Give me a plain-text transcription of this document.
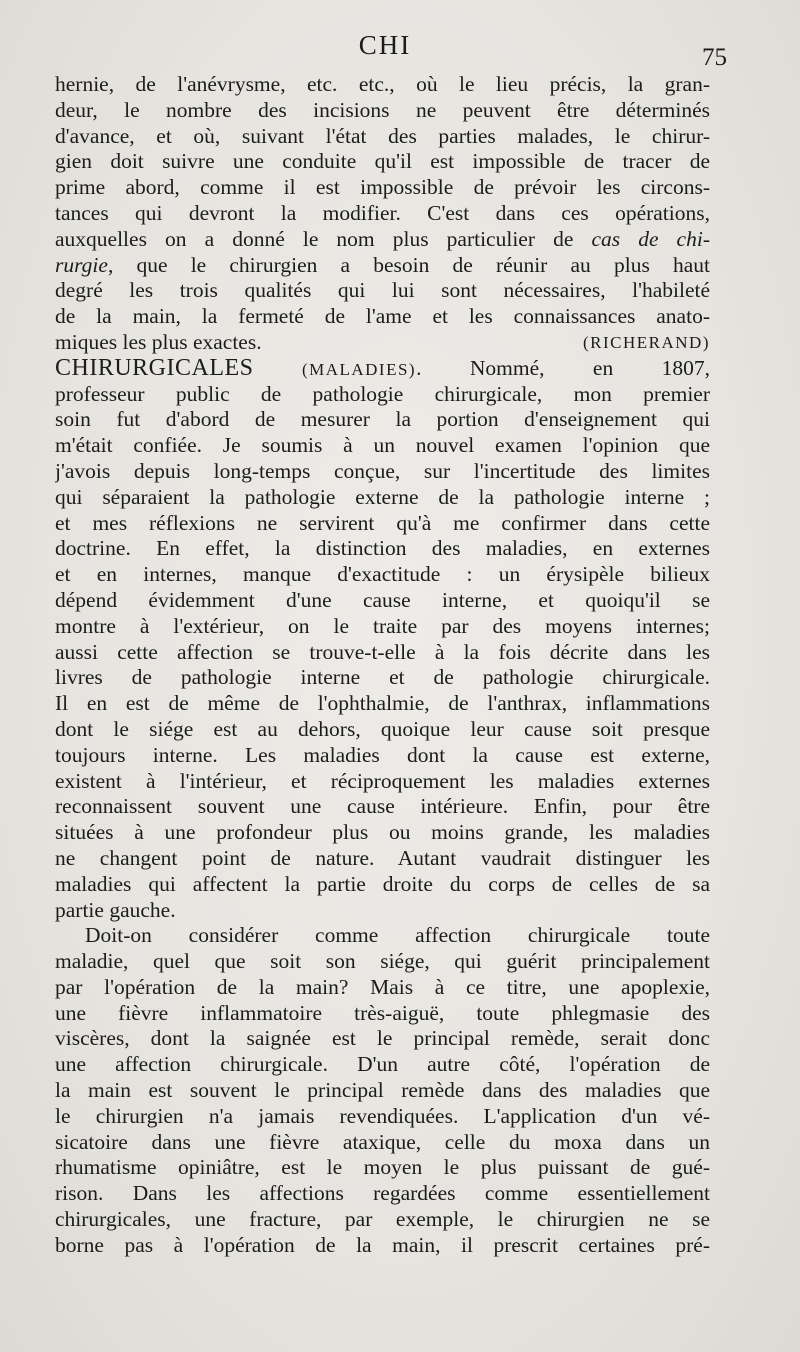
CHI	75
hernie, de l'anévrysme, etc. etc., où le lieu précis, la gran-
deur, le nombre des incisions ne peuvent être déterminés
d'avance, et où, suivant l'état des parties malades, le chirur-
gien doit suivre une conduite qu'il est impossible de tracer de
prime abord, comme il est impossible de prévoir les circons-
tances qui devront la modifier. C'est dans ces opérations,
auxquelles on a donné le nom plus particulier de cas de chi-
rurgie, que le chirurgien a besoin de réunir au plus haut
degré les trois qualités qui lui sont nécessaires, l'habileté
de la main, la fermeté de l'ame et les connaissances anato-
miques les plus exactes.	(RICHERAND)
CHIRURGICALES	(MALADIES). Nommé, en 1807,
professeur public de pathologie chirurgicale, mon premier
soin fut d'abord de mesurer la portion d'enseignement qui
m'était confiée. Je soumis à un nouvel examen l'opinion que
j'avois depuis long-temps conçue, sur l'incertitude des limites
qui séparaient la pathologie externe de la pathologie interne ;
et mes réflexions ne servirent qu'à me confirmer dans cette
doctrine. En effet, la distinction des maladies, en externes
et en internes, manque d'exactitude : un érysipèle bilieux
dépend évidemment d'une cause interne, et quoiqu'il se
montre à l'extérieur, on le traite par des moyens internes;
aussi cette affection se trouve-t-elle à la fois décrite dans les
livres de pathologie interne et de pathologie chirurgicale.
Il en est de même de l'ophthalmie, de l'anthrax, inflammations
dont le siége est au dehors, quoique leur cause soit presque
toujours interne. Les maladies dont la cause est externe,
existent à l'intérieur, et réciproquement les maladies externes
reconnaissent souvent une cause intérieure. Enfin, pour être
situées à une profondeur plus ou moins grande, les maladies
ne changent point de nature. Autant vaudrait distinguer les
maladies qui affectent la partie droite du corps de celles de sa
partie gauche.
Doit-on considérer comme affection chirurgicale toute
maladie, quel que soit son siége, qui guérit principalement
par l'opération de la main? Mais à ce titre, une apoplexie,
une fièvre inflammatoire très-aiguë, toute phlegmasie des
viscères, dont la saignée est le principal remède, serait donc
une affection chirurgicale. D'un autre côté, l'opération de
la main est souvent le principal remède dans des maladies que
le chirurgien n'a jamais revendiquées. L'application d'un vé-
sicatoire dans une fièvre ataxique, celle du moxa dans un
rhumatisme opiniâtre, est le moyen le plus puissant de gué-
rison. Dans les affections regardées comme essentiellement
chirurgicales, une fracture, par exemple, le chirurgien ne se
borne pas à l'opération de la main, il prescrit certaines pré-
